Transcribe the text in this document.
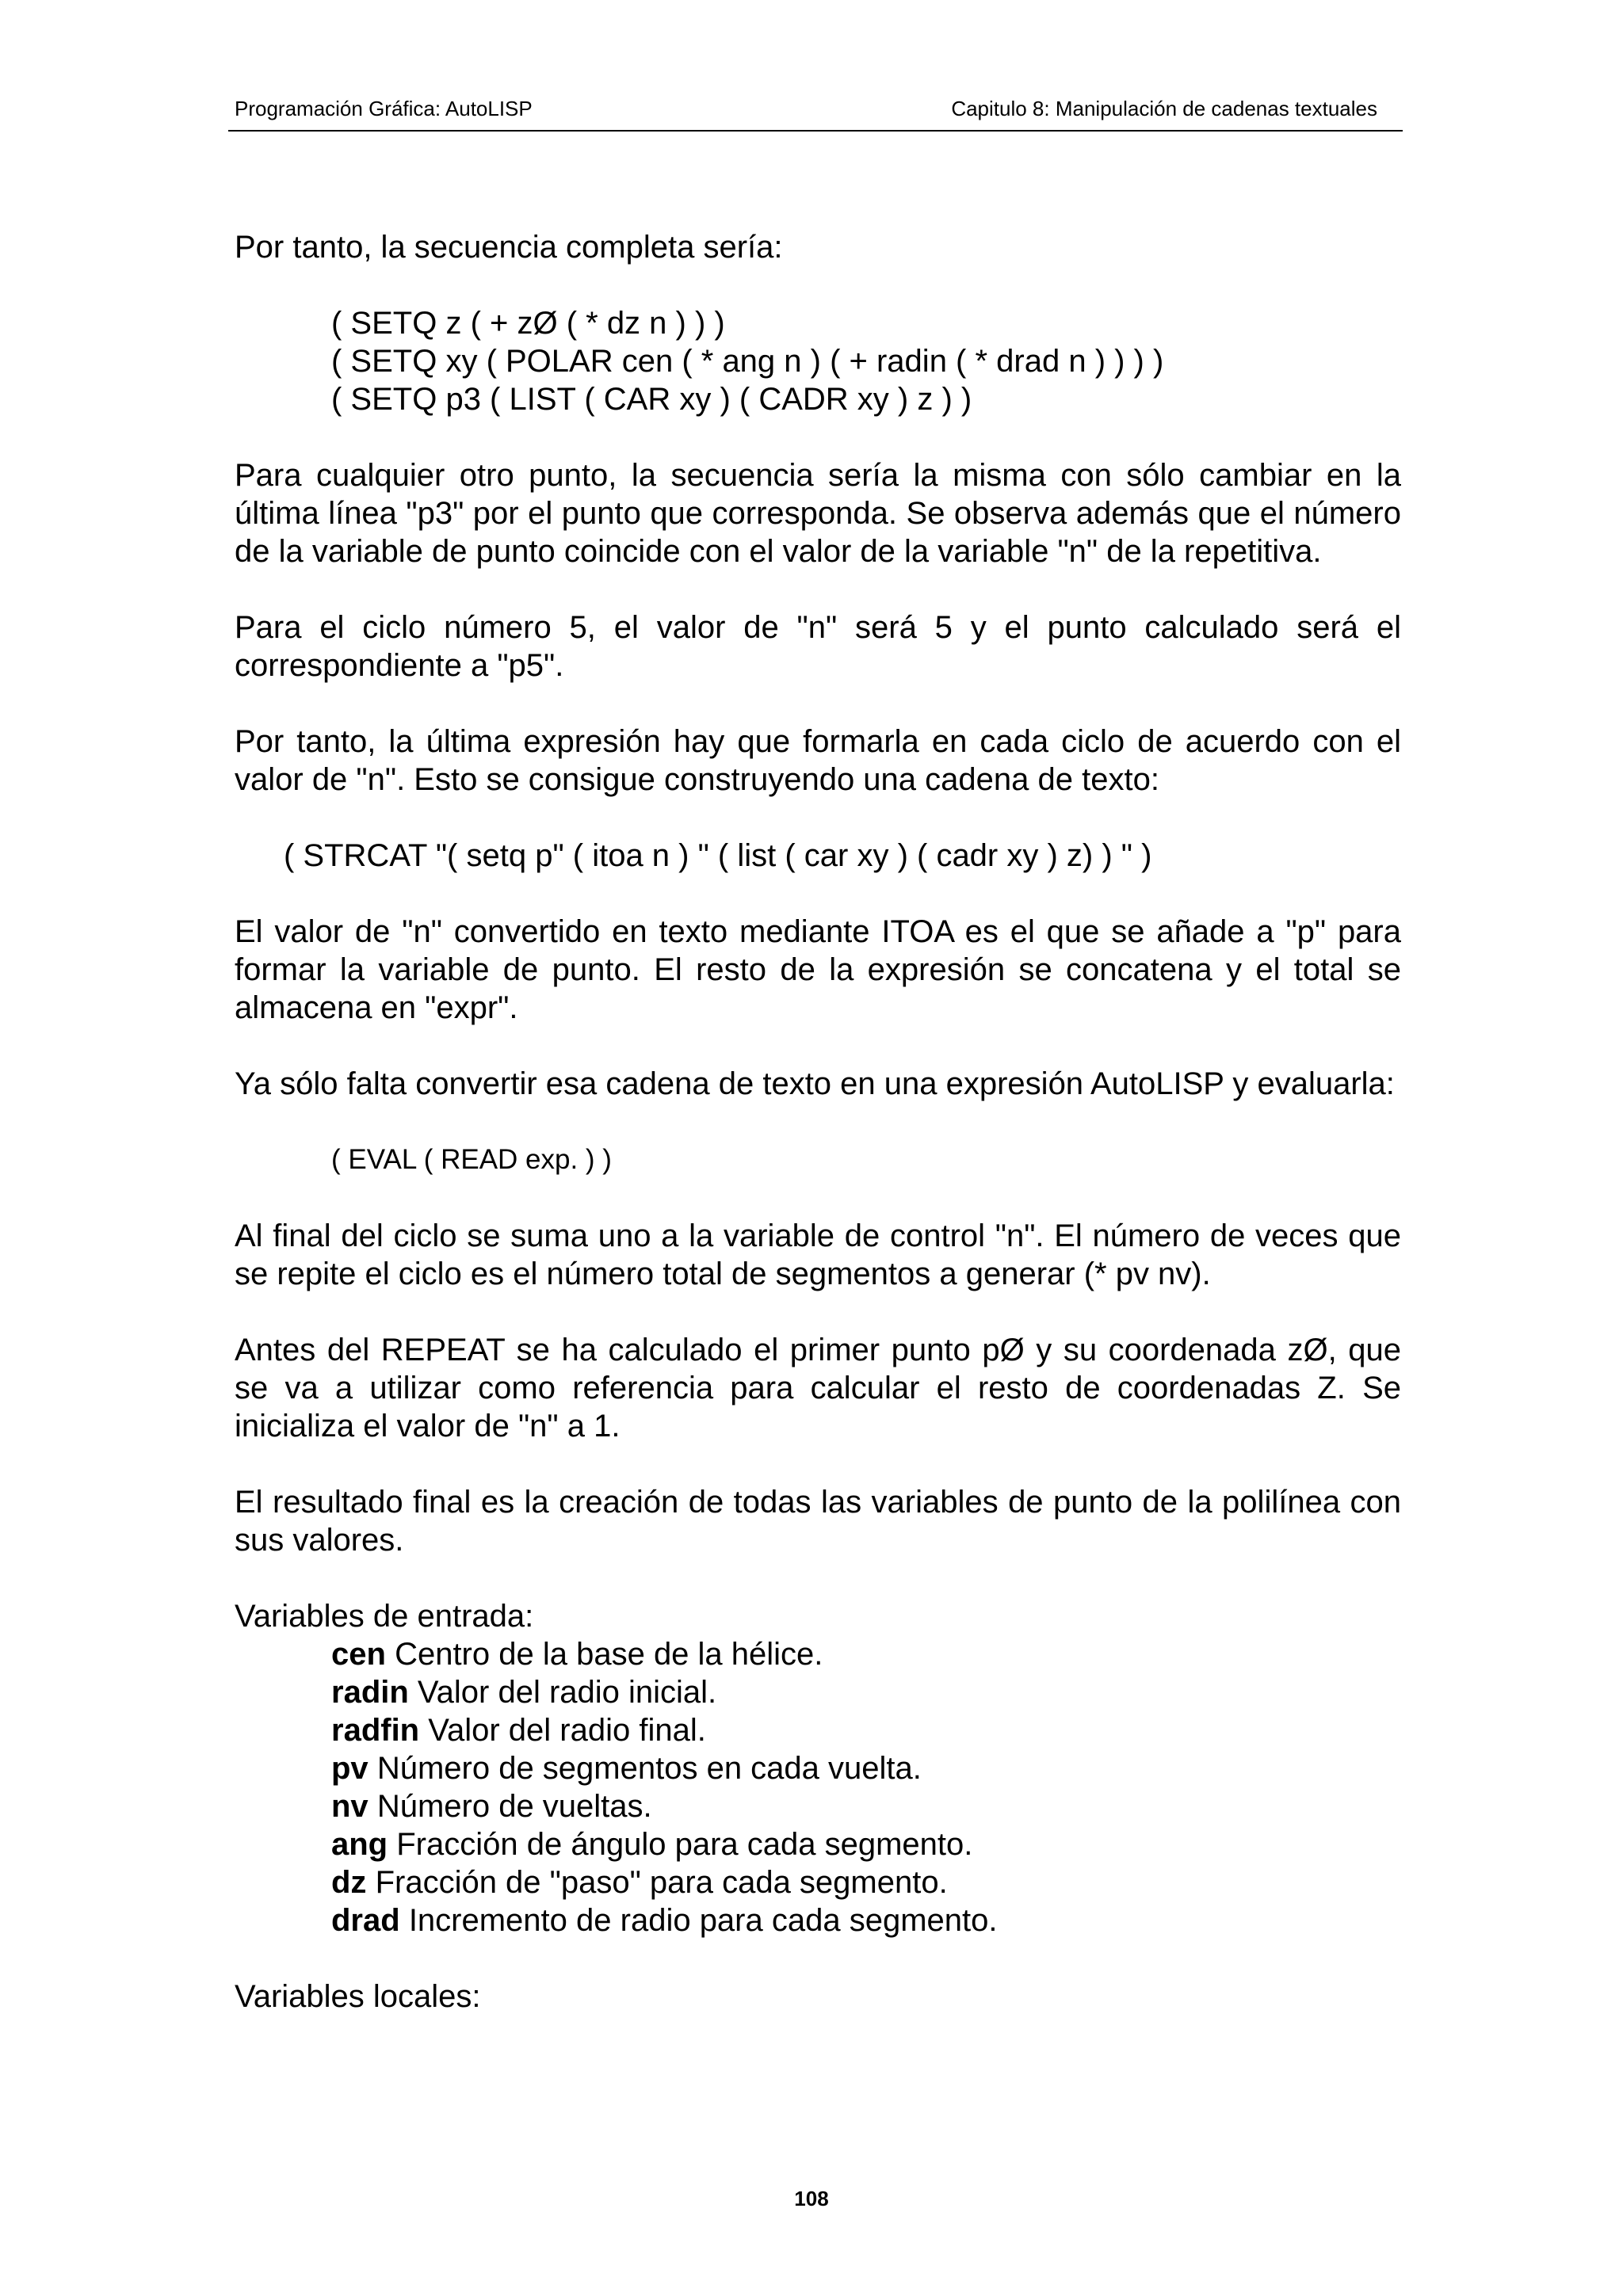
Programación Gráfica: AutoLISP	Capitulo 8: Manipulación de cadenas textuales

Por tanto, la secuencia completa sería:

( SETQ z ( + zØ ( * dz n ) ) )
( SETQ xy ( POLAR cen ( * ang n ) ( + radin ( * drad n ) ) ) )
( SETQ p3 ( LIST ( CAR xy ) ( CADR xy ) z ) )

Para cualquier otro punto, la secuencia sería la misma con sólo cambiar en la última línea "p3" por el punto que corresponda. Se observa además que el número de la variable de punto coincide con el valor de la variable "n" de la repetitiva.

Para el ciclo número 5, el valor de "n" será 5 y el punto calculado será el correspondiente a "p5".

Por tanto, la última expresión hay que formarla en cada ciclo de acuerdo con el valor de "n". Esto se consigue construyendo una cadena de texto:

( STRCAT "( setq p" ( itoa n ) " ( list ( car xy ) ( cadr xy ) z) ) " )

El valor de "n" convertido en texto mediante ITOA es el que se añade a "p" para formar la variable de punto. El resto de la expresión se concatena y el total se almacena en "expr".

Ya sólo falta convertir esa cadena de texto en una expresión AutoLISP y evaluarla:

( EVAL ( READ exp. ) )

Al final del ciclo se suma uno a la variable de control "n". El número de veces que se repite el ciclo es el número total de segmentos a generar (* pv nv).

Antes del REPEAT se ha calculado el primer punto pØ y su coordenada zØ, que se va a utilizar como referencia para calcular el resto de coordenadas Z. Se inicializa el valor de "n" a 1.

El resultado final es la creación de todas las variables de punto de la polilínea con sus valores.

Variables de entrada:

cen Centro de la base de la hélice.
radin Valor del radio inicial.
radfin Valor del radio final.
pv Número de segmentos en cada vuelta.
nv Número de vueltas.
ang Fracción de ángulo para cada segmento.
dz Fracción de "paso" para cada segmento.
drad Incremento de radio para cada segmento.

Variables locales:

108
